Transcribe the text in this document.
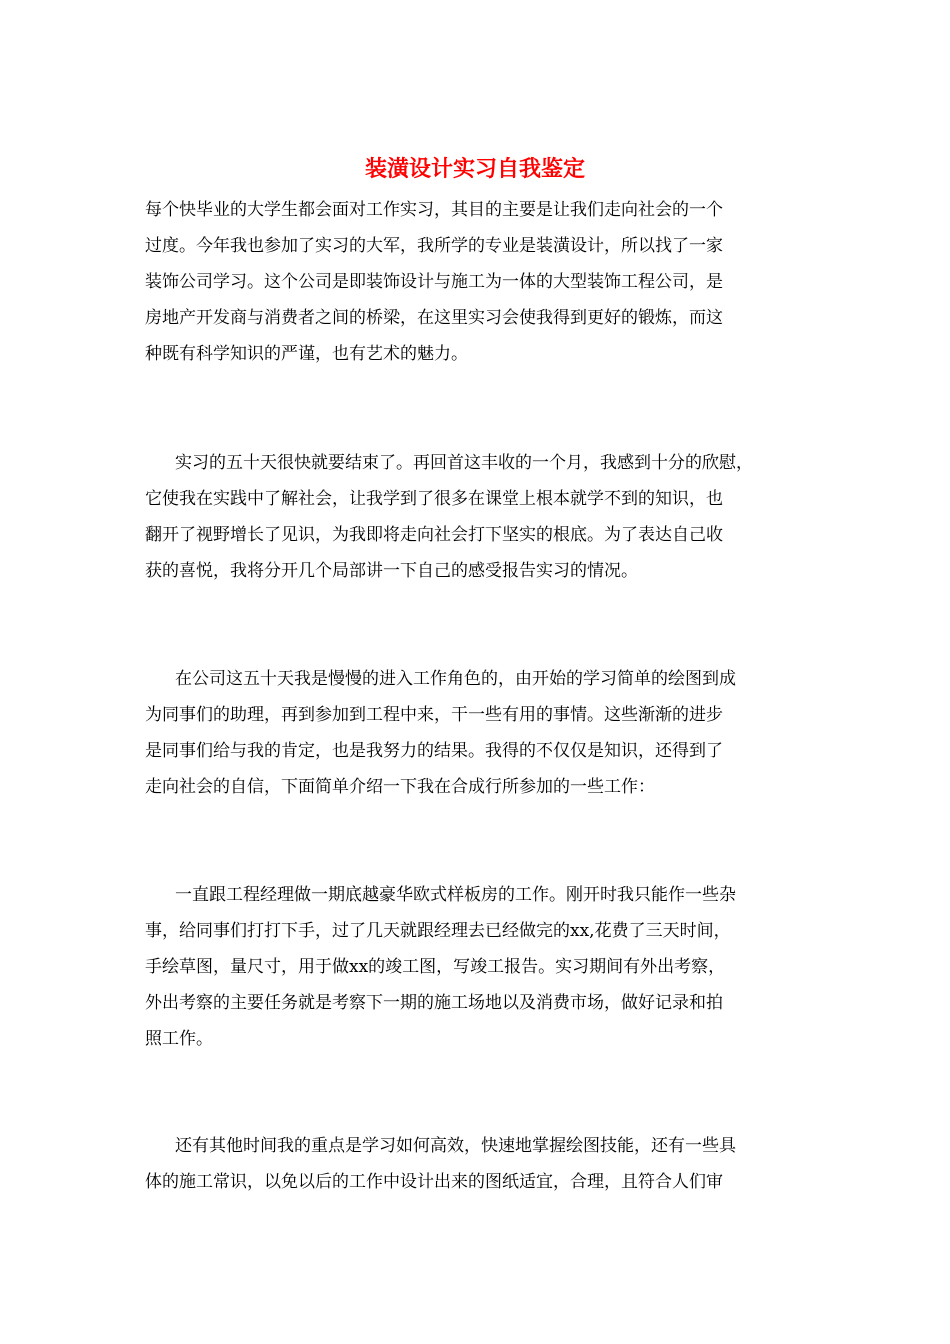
装潢设计实习自我鉴定
每个快毕业的大学生都会面对工作实习，其目的主要是让我们走向社会的一个
过度。今年我也参加了实习的大军，我所学的专业是装潢设计，所以找了一家
装饰公司学习。这个公司是即装饰设计与施工为一体的大型装饰工程公司，是
房地产开发商与消费者之间的桥梁，在这里实习会使我得到更好的锻炼，而这
种既有科学知识的严谨，也有艺术的魅力。
实习的五十天很快就要结束了。再回首这丰收的一个月，我感到十分的欣慰，
它使我在实践中了解社会，让我学到了很多在课堂上根本就学不到的知识，也
翻开了视野增长了见识，为我即将走向社会打下坚实的根底。为了表达自己收
获的喜悦，我将分开几个局部讲一下自己的感受报告实习的情况。
在公司这五十天我是慢慢的进入工作角色的，由开始的学习简单的绘图到成
为同事们的助理，再到参加到工程中来，干一些有用的事情。这些渐渐的进步
是同事们给与我的肯定，也是我努力的结果。我得的不仅仅是知识，还得到了
走向社会的自信，下面简单介绍一下我在合成行所参加的一些工作：
一直跟工程经理做一期底越豪华欧式样板房的工作。刚开时我只能作一些杂
事，给同事们打打下手，过了几天就跟经理去已经做完的xx,花费了三天时间，
手绘草图，量尺寸，用于做xx的竣工图，写竣工报告。实习期间有外出考察，
外出考察的主要任务就是考察下一期的施工场地以及消费市场，做好记录和拍
照工作。
还有其他时间我的重点是学习如何高效，快速地掌握绘图技能，还有一些具
体的施工常识，以免以后的工作中设计出来的图纸适宜，合理，且符合人们审
